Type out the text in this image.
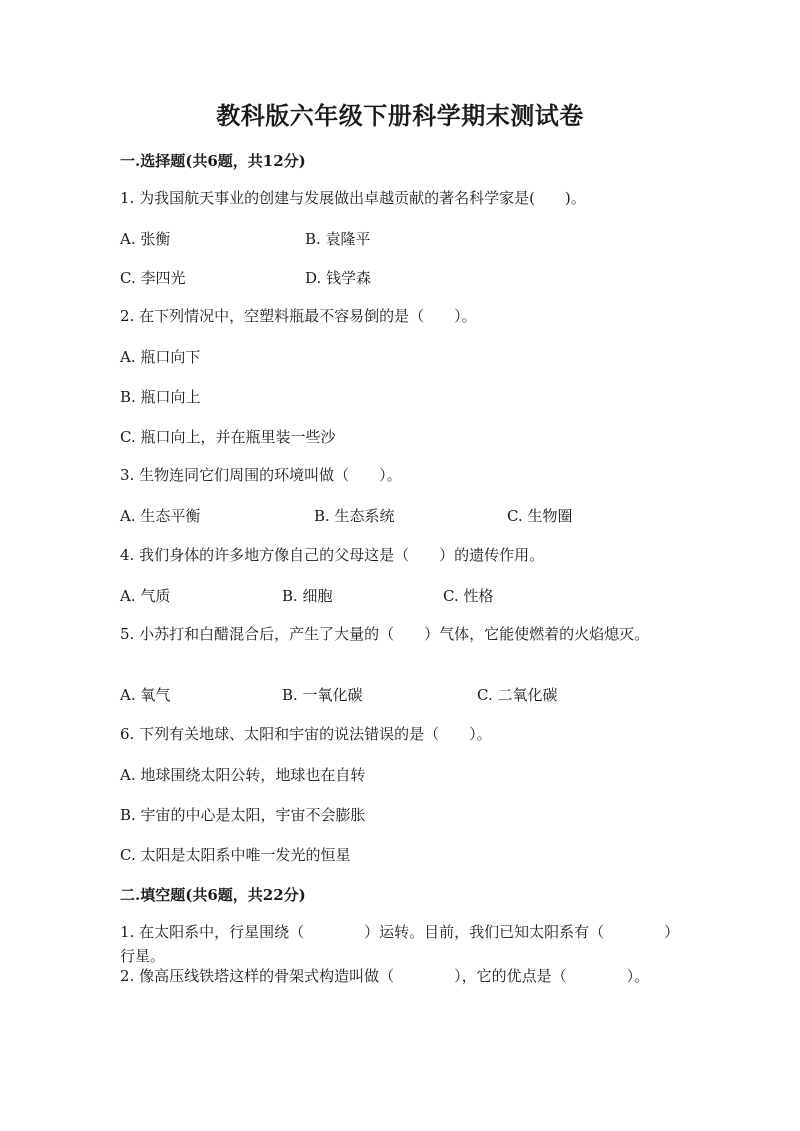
教科版六年级下册科学期末测试卷
一.选择题(共6题，共12分)
1. 为我国航天事业的创建与发展做出卓越贡献的著名科学家是(　　)。
A. 张衡	B. 袁隆平
C. 李四光	D. 钱学森
2. 在下列情况中，空塑料瓶最不容易倒的是（　　）。
A. 瓶口向下
B. 瓶口向上
C. 瓶口向上，并在瓶里装一些沙
3. 生物连同它们周围的环境叫做（　　）。
A. 生态平衡	B. 生态系统	C. 生物圈
4. 我们身体的许多地方像自己的父母这是（　　）的遗传作用。
A. 气质	B. 细胞	C. 性格
5. 小苏打和白醋混合后，产生了大量的（　　）气体，它能使燃着的火焰熄灭。
A. 氧气	B. 一氧化碳	C. 二氧化碳
6. 下列有关地球、太阳和宇宙的说法错误的是（　　）。
A. 地球围绕太阳公转，地球也在自转
B. 宇宙的中心是太阳，宇宙不会膨胀
C. 太阳是太阳系中唯一发光的恒星
二.填空题(共6题，共22分)
1. 在太阳系中，行星围绕（　　　　）运转。目前，我们已知太阳系有（　　　　）行星。
2. 像高压线铁塔这样的骨架式构造叫做（　　　　），它的优点是（　　　　）。
